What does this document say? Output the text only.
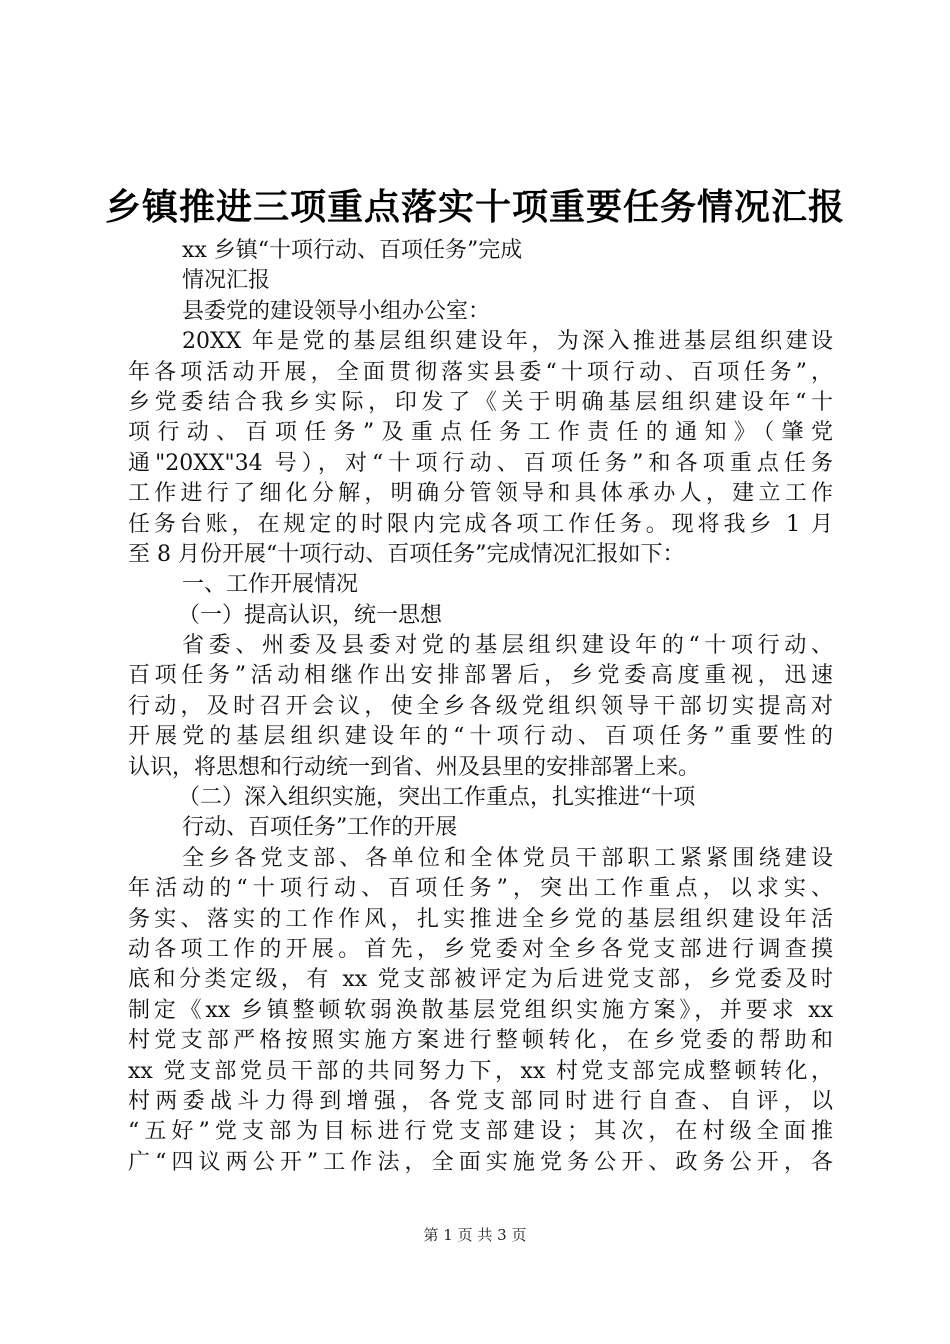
乡镇推进三项重点落实十项重要任务情况汇报
xx 乡镇“十项行动、百项任务”完成
情况汇报
县委党的建设领导小组办公室：
20XX 年是党的基层组织建设年，为深入推进基层组织建设
年各项活动开展，全面贯彻落实县委“十项行动、百项任务”，
乡党委结合我乡实际，印发了《关于明确基层组织建设年“十
项行动、百项任务”及重点任务工作责任的通知》（肇党
通"20XX"34 号），对“十项行动、百项任务”和各项重点任务
工作进行了细化分解，明确分管领导和具体承办人，建立工作
任务台账，在规定的时限内完成各项工作任务。现将我乡 1 月
至 8 月份开展“十项行动、百项任务”完成情况汇报如下：
一、工作开展情况
（一）提高认识，统一思想
省委、州委及县委对党的基层组织建设年的“十项行动、
百项任务”活动相继作出安排部署后，乡党委高度重视，迅速
行动，及时召开会议，使全乡各级党组织领导干部切实提高对
开展党的基层组织建设年的“十项行动、百项任务”重要性的
认识，将思想和行动统一到省、州及县里的安排部署上来。
（二）深入组织实施，突出工作重点，扎实推进“十项
行动、百项任务”工作的开展
全乡各党支部、各单位和全体党员干部职工紧紧围绕建设
年活动的“十项行动、百项任务”，突出工作重点，以求实、
务实、落实的工作作风，扎实推进全乡党的基层组织建设年活
动各项工作的开展。首先，乡党委对全乡各党支部进行调查摸
底和分类定级，有 xx 党支部被评定为后进党支部，乡党委及时
制定《xx 乡镇整顿软弱涣散基层党组织实施方案》，并要求 xx
村党支部严格按照实施方案进行整顿转化，在乡党委的帮助和
xx 党支部党员干部的共同努力下，xx 村党支部完成整顿转化，
村两委战斗力得到增强，各党支部同时进行自查、自评，以
“五好”党支部为目标进行党支部建设；其次，在村级全面推
广“四议两公开”工作法，全面实施党务公开、政务公开，各
第 1 页 共 3 页
